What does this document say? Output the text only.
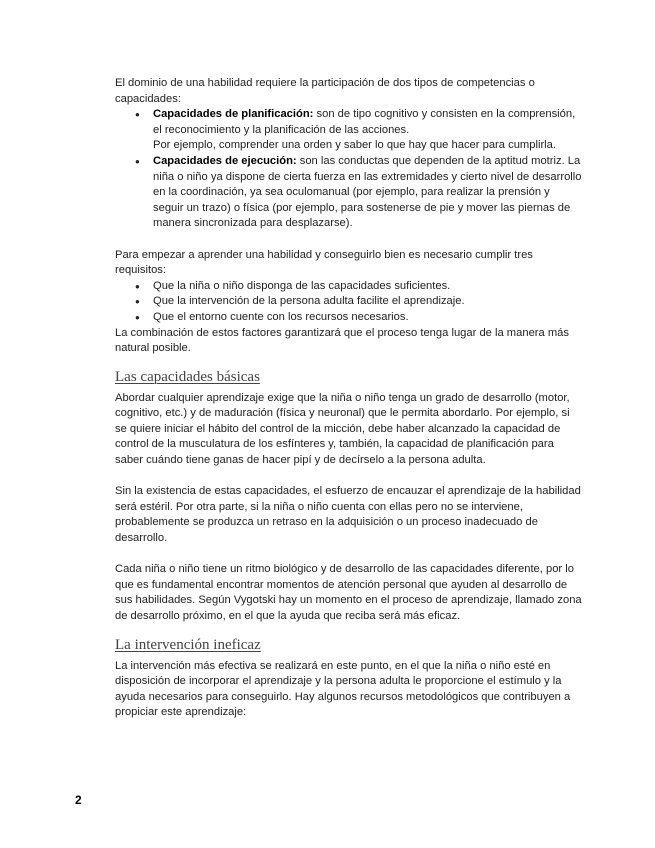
El dominio de una habilidad requiere la participación de dos tipos de competencias o capacidades:

● Capacidades de planificación: son de tipo cognitivo y consisten en la comprensión, el reconocimiento y la planificación de las acciones.
Por ejemplo, comprender una orden y saber lo que hay que hacer para cumplirla.
● Capacidades de ejecución: son las conductas que dependen de la aptitud motriz. La niña o niño ya dispone de cierta fuerza en las extremidades y cierto nivel de desarrollo en la coordinación, ya sea oculomanual (por ejemplo, para realizar la prensión y seguir un trazo) o física (por ejemplo, para sostenerse de pie y mover las piernas de manera sincronizada para desplazarse).

Para empezar a aprender una habilidad y conseguirlo bien es necesario cumplir tres requisitos:

● Que la niña o niño disponga de las capacidades suficientes.
● Que la intervención de la persona adulta facilite el aprendizaje.
● Que el entorno cuente con los recursos necesarios.

La combinación de estos factores garantizará que el proceso tenga lugar de la manera más natural posible.

Las capacidades básicas

Abordar cualquier aprendizaje exige que la niña o niño tenga un grado de desarrollo (motor, cognitivo, etc.) y de maduración (física y neuronal) que le permita abordarlo. Por ejemplo, si se quiere iniciar el hábito del control de la micción, debe haber alcanzado la capacidad de control de la musculatura de los esfínteres y, también, la capacidad de planificación para saber cuándo tiene ganas de hacer pipí y de decírselo a la persona adulta.

Sin la existencia de estas capacidades, el esfuerzo de encauzar el aprendizaje de la habilidad será estéril. Por otra parte, si la niña o niño cuenta con ellas pero no se interviene, probablemente se produzca un retraso en la adquisición o un proceso inadecuado de desarrollo.

Cada niña o niño tiene un ritmo biológico y de desarrollo de las capacidades diferente, por lo que es fundamental encontrar momentos de atención personal que ayuden al desarrollo de sus habilidades. Según Vygotski hay un momento en el proceso de aprendizaje, llamado zona de desarrollo próximo, en el que la ayuda que reciba será más eficaz.

La intervención ineficaz

La intervención más efectiva se realizará en este punto, en el que la niña o niño esté en disposición de incorporar el aprendizaje y la persona adulta le proporcione el estímulo y la ayuda necesarios para conseguirlo. Hay algunos recursos metodológicos que contribuyen a propiciar este aprendizaje:

2
